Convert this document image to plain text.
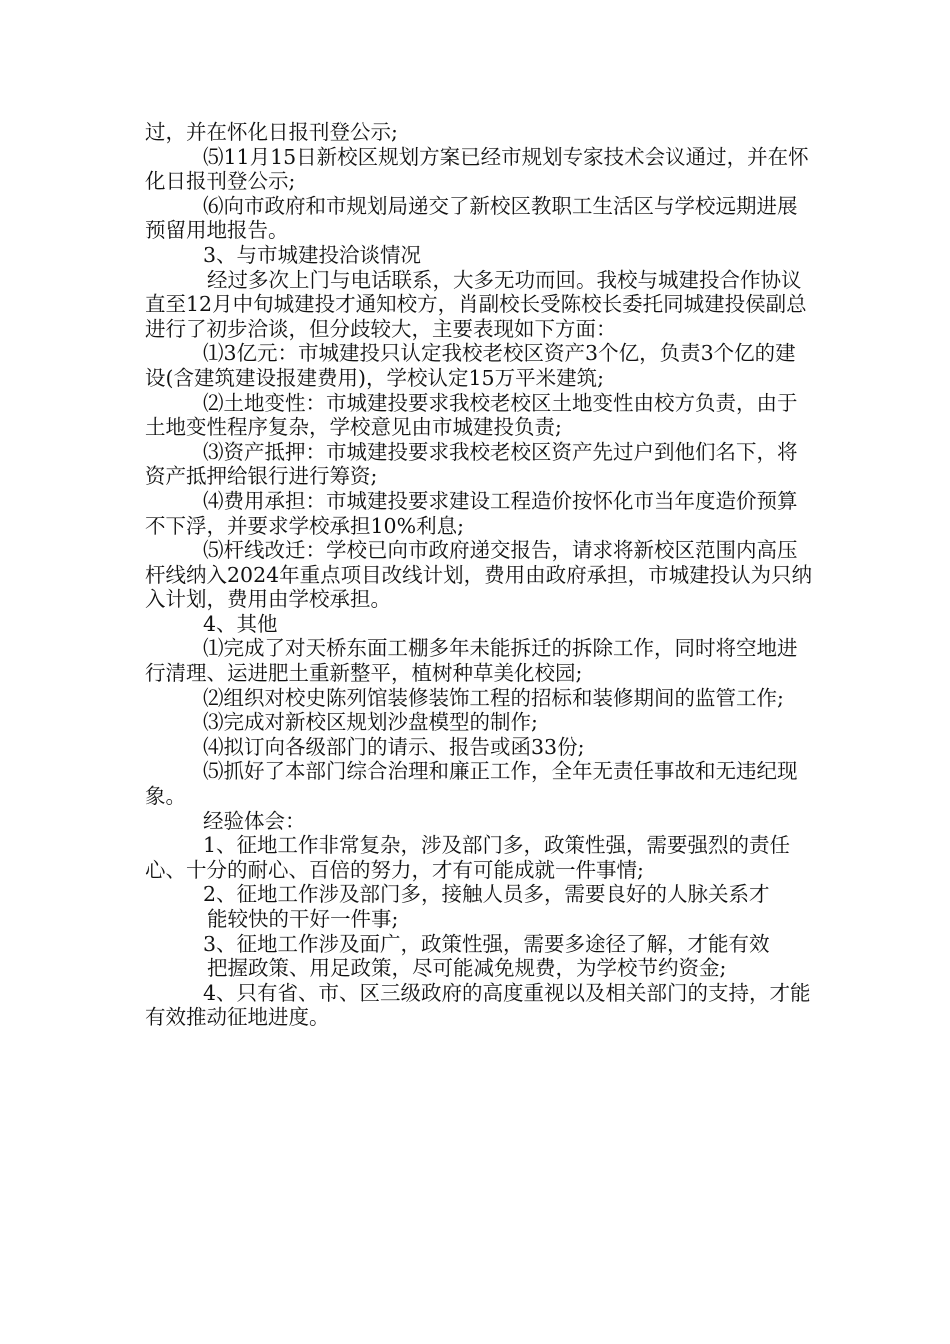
过，并在怀化日报刊登公示;

⑸11月15日新校区规划方案已经市规划专家技术会议通过，并在怀化日报刊登公示;

⑹向市政府和市规划局递交了新校区教职工生活区与学校远期进展预留用地报告。

3、与市城建投洽谈情况

经过多次上门与电话联系，大多无功而回。我校与城建投合作协议直至12月中旬城建投才通知校方，肖副校长受陈校长委托同城建投侯副总进行了初步洽谈，但分歧较大，主要表现如下方面：

⑴3亿元：市城建投只认定我校老校区资产3个亿，负责3个亿的建设(含建筑建设报建费用)，学校认定15万平米建筑;

⑵土地变性：市城建投要求我校老校区土地变性由校方负责，由于土地变性程序复杂，学校意见由市城建投负责;

⑶资产抵押：市城建投要求我校老校区资产先过户到他们名下，将资产抵押给银行进行筹资;

⑷费用承担：市城建投要求建设工程造价按怀化市当年度造价预算不下浮，并要求学校承担10%利息;

⑸杆线改迁：学校已向市政府递交报告，请求将新校区范围内高压杆线纳入2024年重点项目改线计划，费用由政府承担，市城建投认为只纳入计划，费用由学校承担。

4、其他

⑴完成了对天桥东面工棚多年未能拆迁的拆除工作，同时将空地进行清理、运进肥土重新整平，植树种草美化校园;

⑵组织对校史陈列馆装修装饰工程的招标和装修期间的监管工作;

⑶完成对新校区规划沙盘模型的制作;

⑷拟订向各级部门的请示、报告或函33份;

⑸抓好了本部门综合治理和廉正工作，全年无责任事故和无违纪现象。

经验体会：

1、征地工作非常复杂，涉及部门多，政策性强，需要强烈的责任心、十分的耐心、百倍的努力，才有可能成就一件事情;

2、征地工作涉及部门多，接触人员多，需要良好的人脉关系才

能较快的干好一件事;

3、征地工作涉及面广，政策性强，需要多途径了解，才能有效

把握政策、用足政策，尽可能减免规费，为学校节约资金;

4、只有省、市、区三级政府的高度重视以及相关部门的支持，才能有效推动征地进度。
